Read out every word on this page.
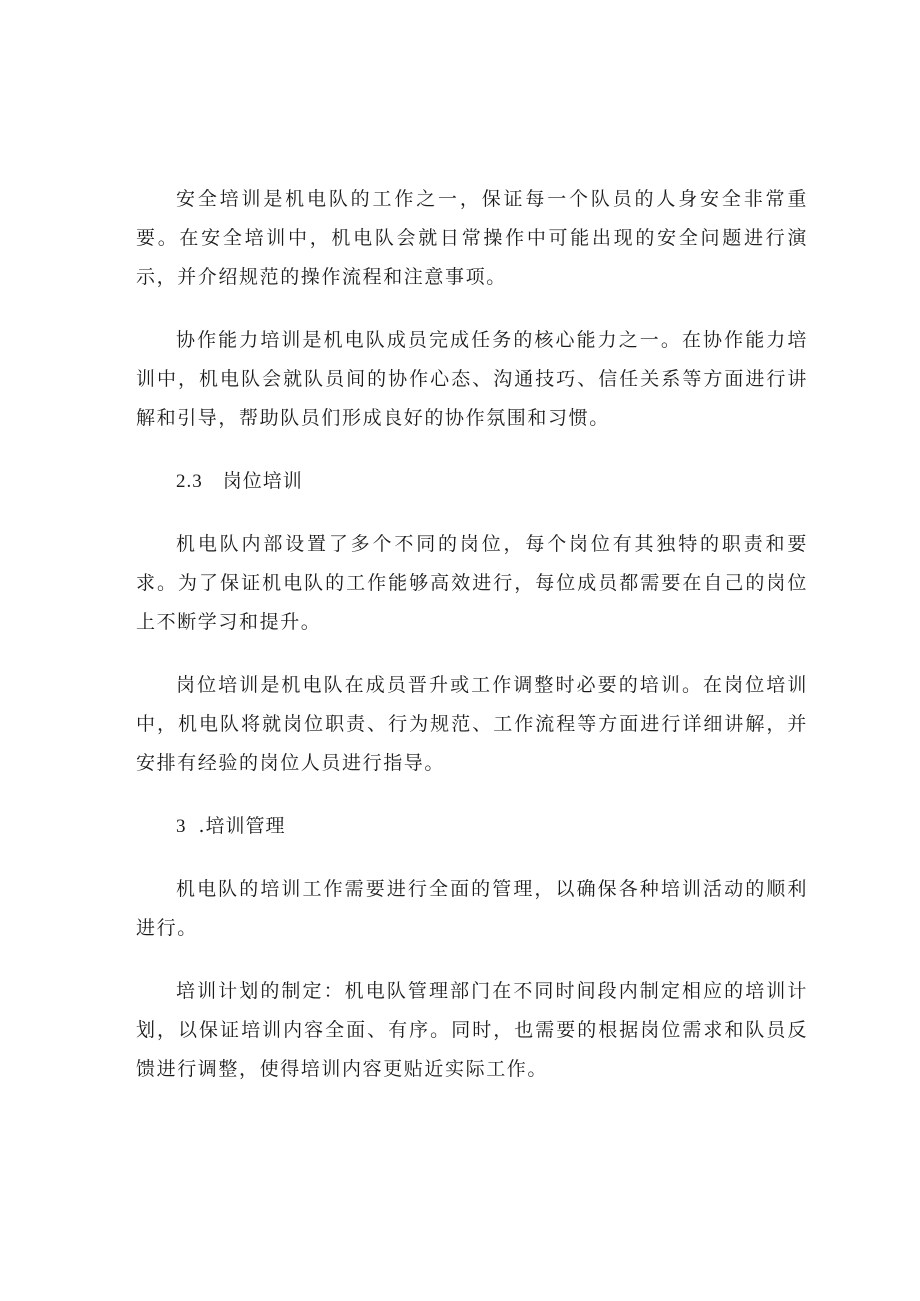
安全培训是机电队的工作之一，保证每一个队员的人身安全非常重要。在安全培训中，机电队会就日常操作中可能出现的安全问题进行演示，并介绍规范的操作流程和注意事项。

协作能力培训是机电队成员完成任务的核心能力之一。在协作能力培训中，机电队会就队员间的协作心态、沟通技巧、信任关系等方面进行讲解和引导，帮助队员们形成良好的协作氛围和习惯。

2.3 岗位培训

机电队内部设置了多个不同的岗位，每个岗位有其独特的职责和要求。为了保证机电队的工作能够高效进行，每位成员都需要在自己的岗位上不断学习和提升。

岗位培训是机电队在成员晋升或工作调整时必要的培训。在岗位培训中，机电队将就岗位职责、行为规范、工作流程等方面进行详细讲解，并安排有经验的岗位人员进行指导。

3 .培训管理

机电队的培训工作需要进行全面的管理，以确保各种培训活动的顺利进行。

培训计划的制定：机电队管理部门在不同时间段内制定相应的培训计划，以保证培训内容全面、有序。同时，也需要的根据岗位需求和队员反馈进行调整，使得培训内容更贴近实际工作。
